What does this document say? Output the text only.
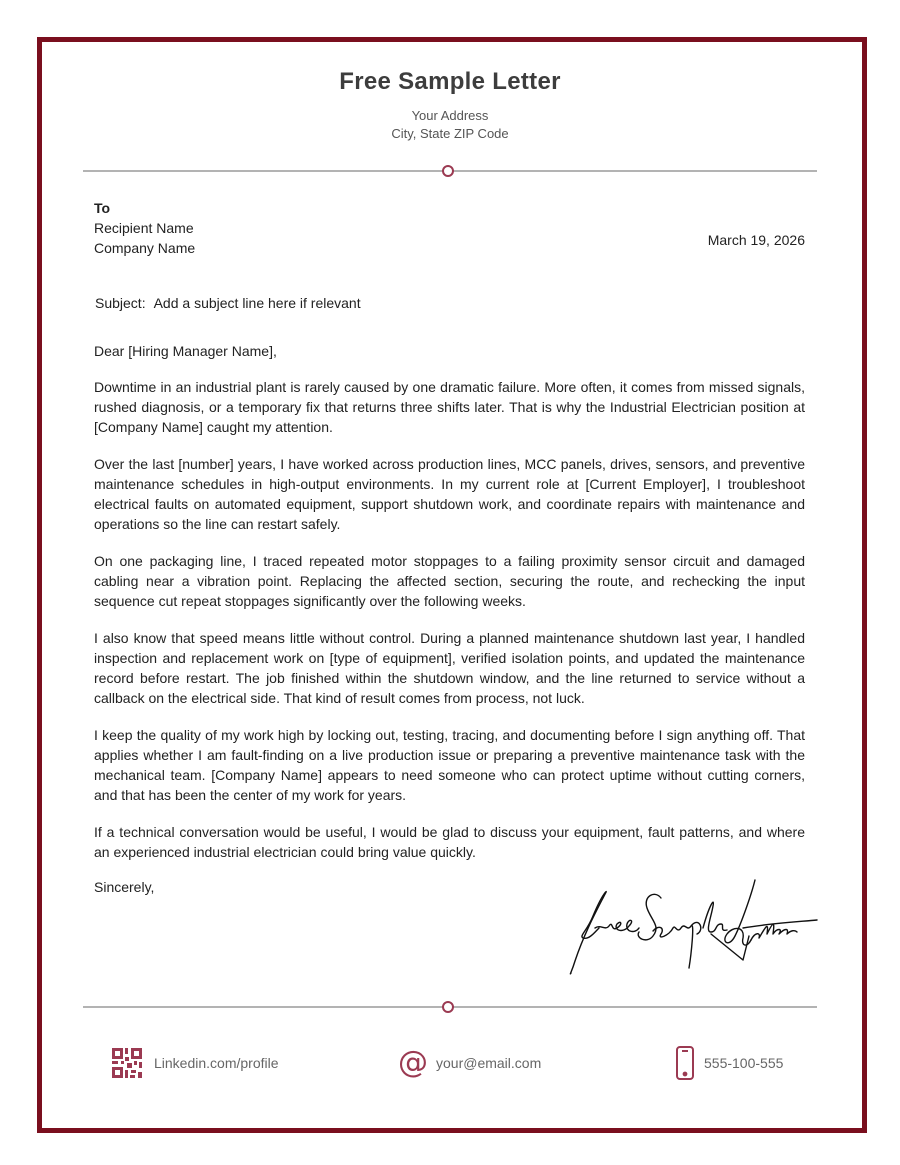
Free Sample Letter
Your Address
City, State ZIP Code
To
Recipient Name
Company Name	March 19, 2026
Subject: Add a subject line here if relevant

Dear [Hiring Manager Name],

Downtime in an industrial plant is rarely caused by one dramatic failure. More often, it comes from missed signals, rushed diagnosis, or a temporary fix that returns three shifts later. That is why the Industrial Electrician position at [Company Name] caught my attention.

Over the last [number] years, I have worked across production lines, MCC panels, drives, sensors, and preventive maintenance schedules in high-output environments. In my current role at [Current Employer], I troubleshoot electrical faults on automated equipment, support shutdown work, and coordinate repairs with maintenance and operations so the line can restart safely.

On one packaging line, I traced repeated motor stoppages to a failing proximity sensor circuit and damaged cabling near a vibration point. Replacing the affected section, securing the route, and rechecking the input sequence cut repeat stoppages significantly over the following weeks.

I also know that speed means little without control. During a planned maintenance shutdown last year, I handled inspection and replacement work on [type of equipment], verified isolation points, and updated the maintenance record before restart. The job finished within the shutdown window, and the line returned to service without a callback on the electrical side. That kind of result comes from process, not luck.

I keep the quality of my work high by locking out, testing, tracing, and documenting before I sign anything off. That applies whether I am fault-finding on a live production issue or preparing a preventive maintenance task with the mechanical team. [Company Name] appears to need someone who can protect uptime without cutting corners, and that has been the center of my work for years.

If a technical conversation would be useful, I would be glad to discuss your equipment, fault patterns, and where an experienced industrial electrician could bring value quickly.

Sincerely,
Linkedin.com/profile	@ your@email.com	555-100-555
